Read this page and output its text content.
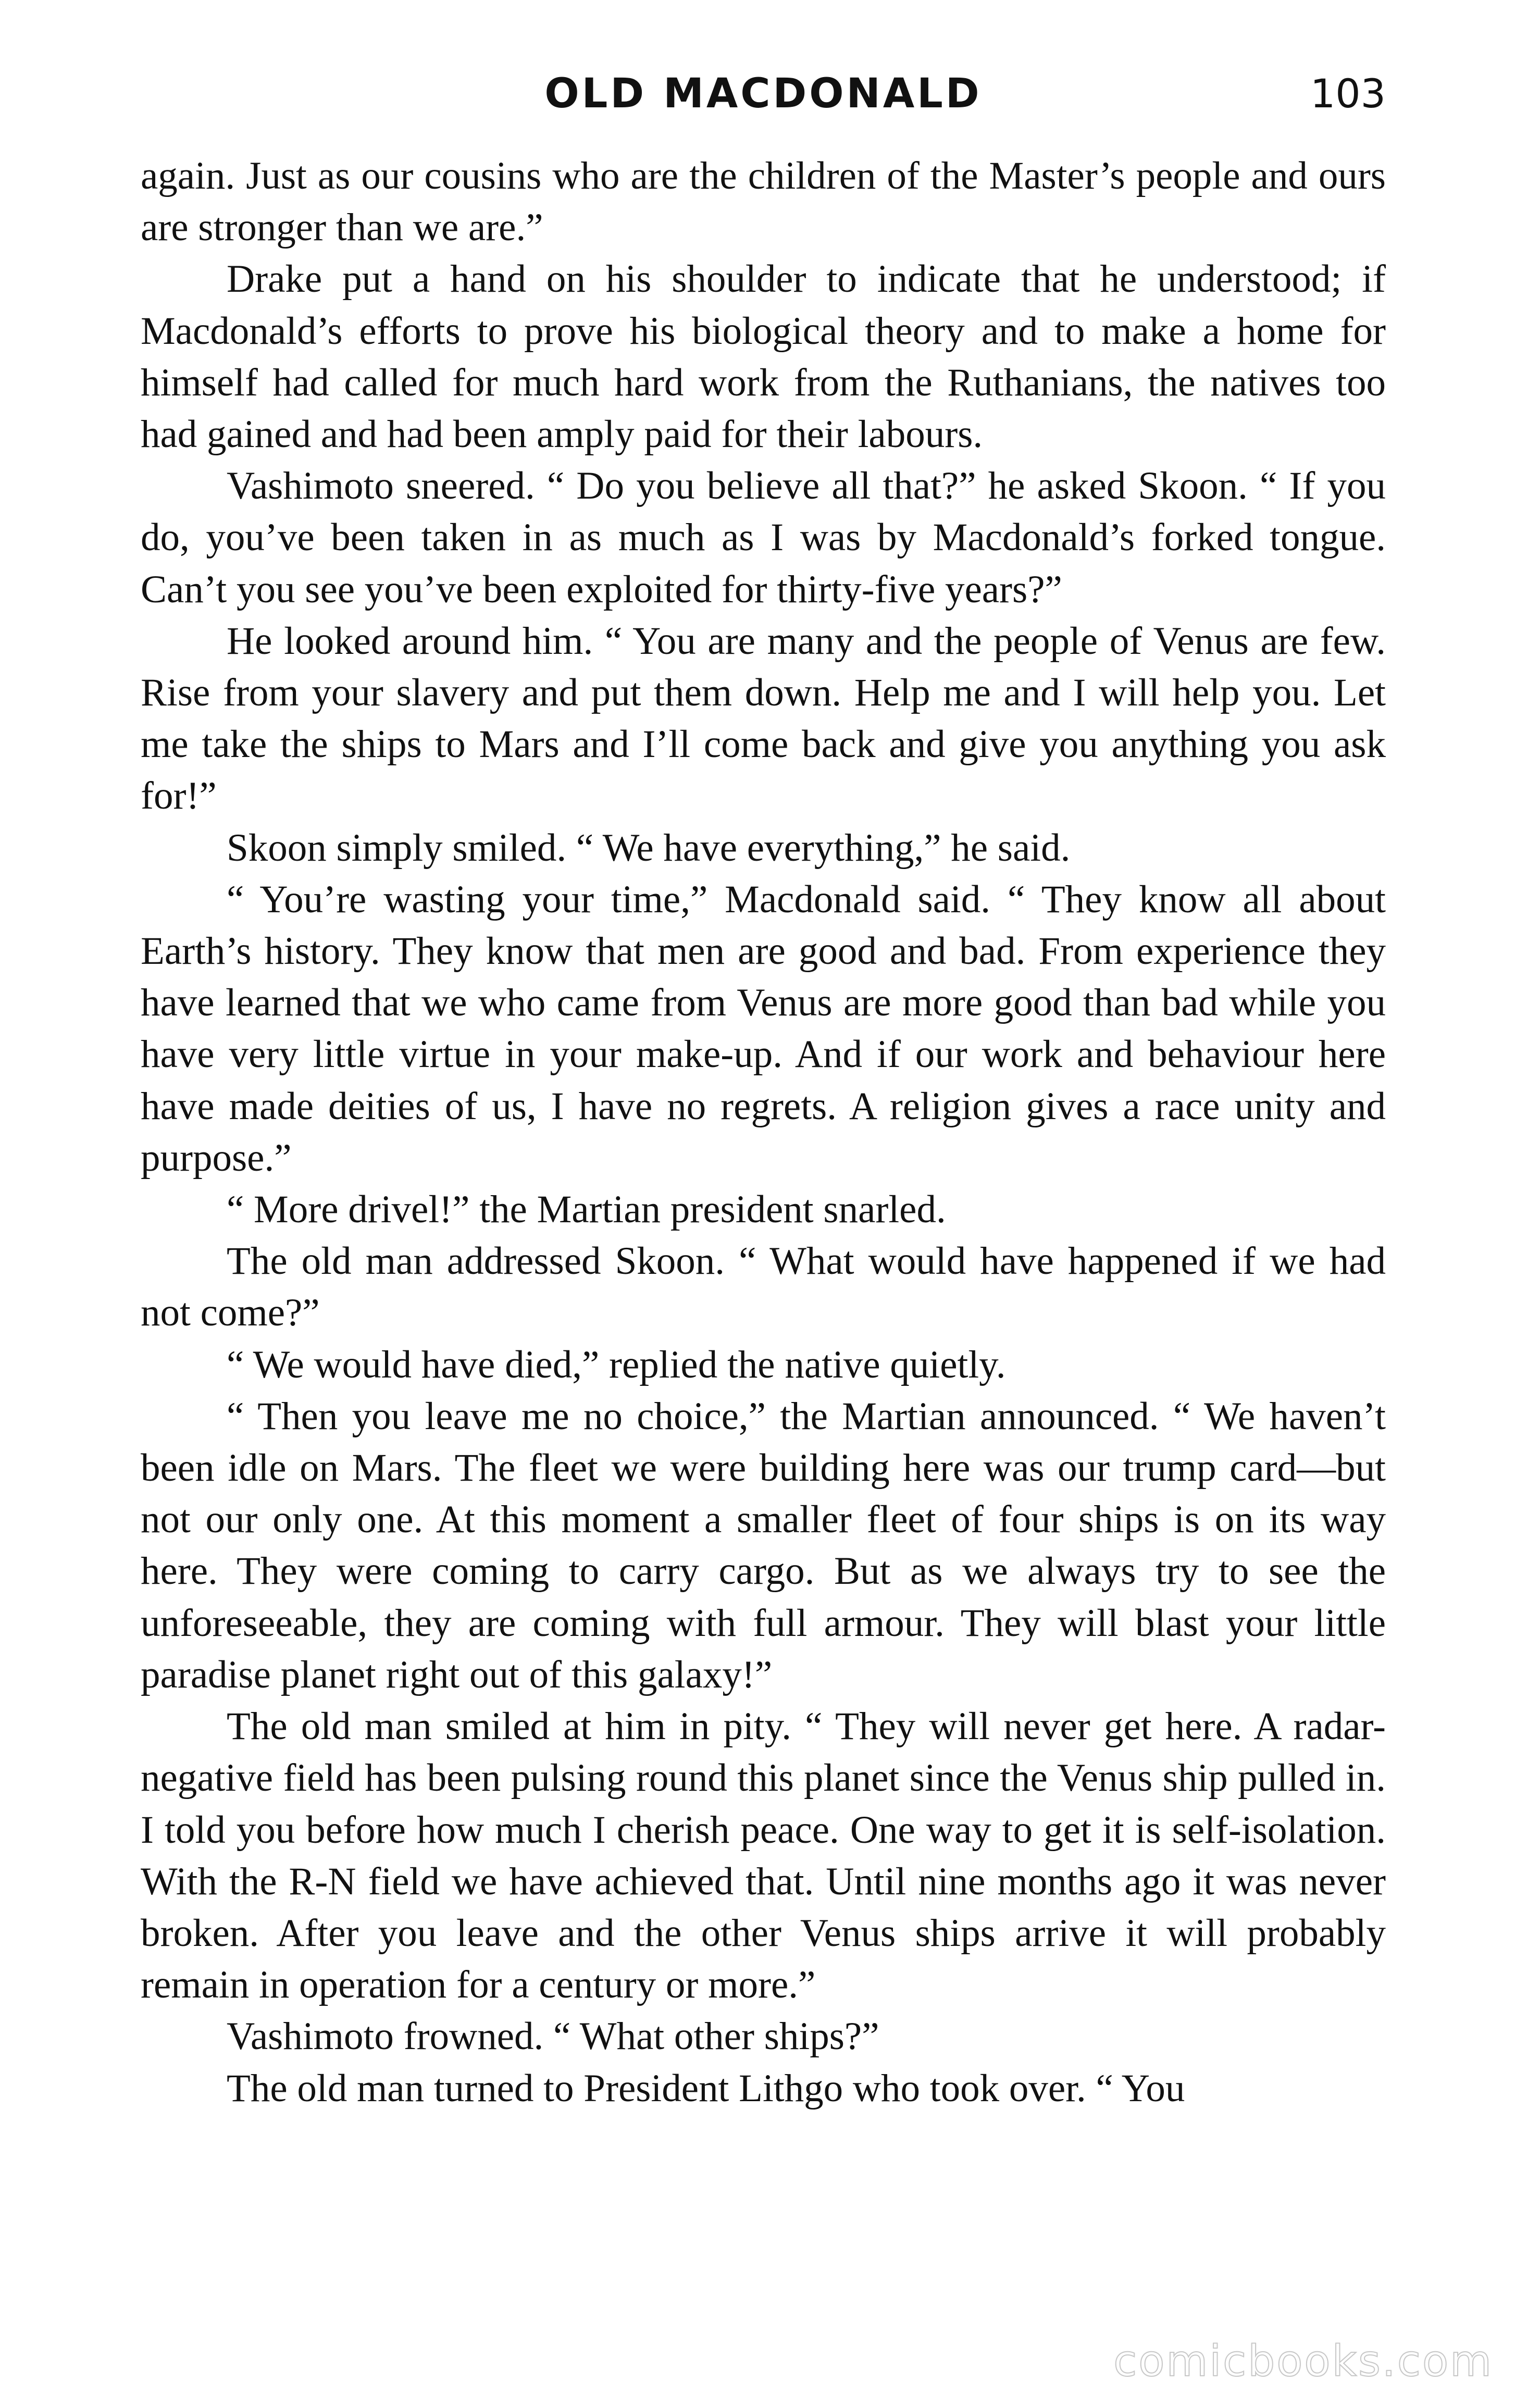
OLD MACDONALD	103

again. Just as our cousins who are the children of the Master’s people and ours are stronger than we are.”

Drake put a hand on his shoulder to indicate that he understood; if Macdonald’s efforts to prove his biological theory and to make a home for himself had called for much hard work from the Ruthanians, the natives too had gained and had been amply paid for their labours.

Vashimoto sneered. “ Do you believe all that?” he asked Skoon. “ If you do, you’ve been taken in as much as I was by Macdonald’s forked tongue. Can’t you see you’ve been exploited for thirty-five years?”

He looked around him. “ You are many and the people of Venus are few. Rise from your slavery and put them down. Help me and I will help you. Let me take the ships to Mars and I’ll come back and give you anything you ask for!”

Skoon simply smiled. “ We have everything,” he said.

“ You’re wasting your time,” Macdonald said. “ They know all about Earth’s history. They know that men are good and bad. From experience they have learned that we who came from Venus are more good than bad while you have very little virtue in your make-up. And if our work and behaviour here have made deities of us, I have no regrets. A religion gives a race unity and purpose.”

“ More drivel!” the Martian president snarled.

The old man addressed Skoon. “ What would have happened if we had not come?”

“ We would have died,” replied the native quietly.

“ Then you leave me no choice,” the Martian announced. “ We haven’t been idle on Mars. The fleet we were building here was our trump card—but not our only one. At this moment a smaller fleet of four ships is on its way here. They were coming to carry cargo. But as we always try to see the unforeseeable, they are coming with full armour. They will blast your little paradise planet right out of this galaxy!”

The old man smiled at him in pity. “ They will never get here. A radar-negative field has been pulsing round this planet since the Venus ship pulled in. I told you before how much I cherish peace. One way to get it is self-isolation. With the R-N field we have achieved that. Until nine months ago it was never broken. After you leave and the other Venus ships arrive it will probably remain in operation for a century or more.”

Vashimoto frowned. “ What other ships?”

The old man turned to President Lithgo who took over. “ You

comicbooks.com
